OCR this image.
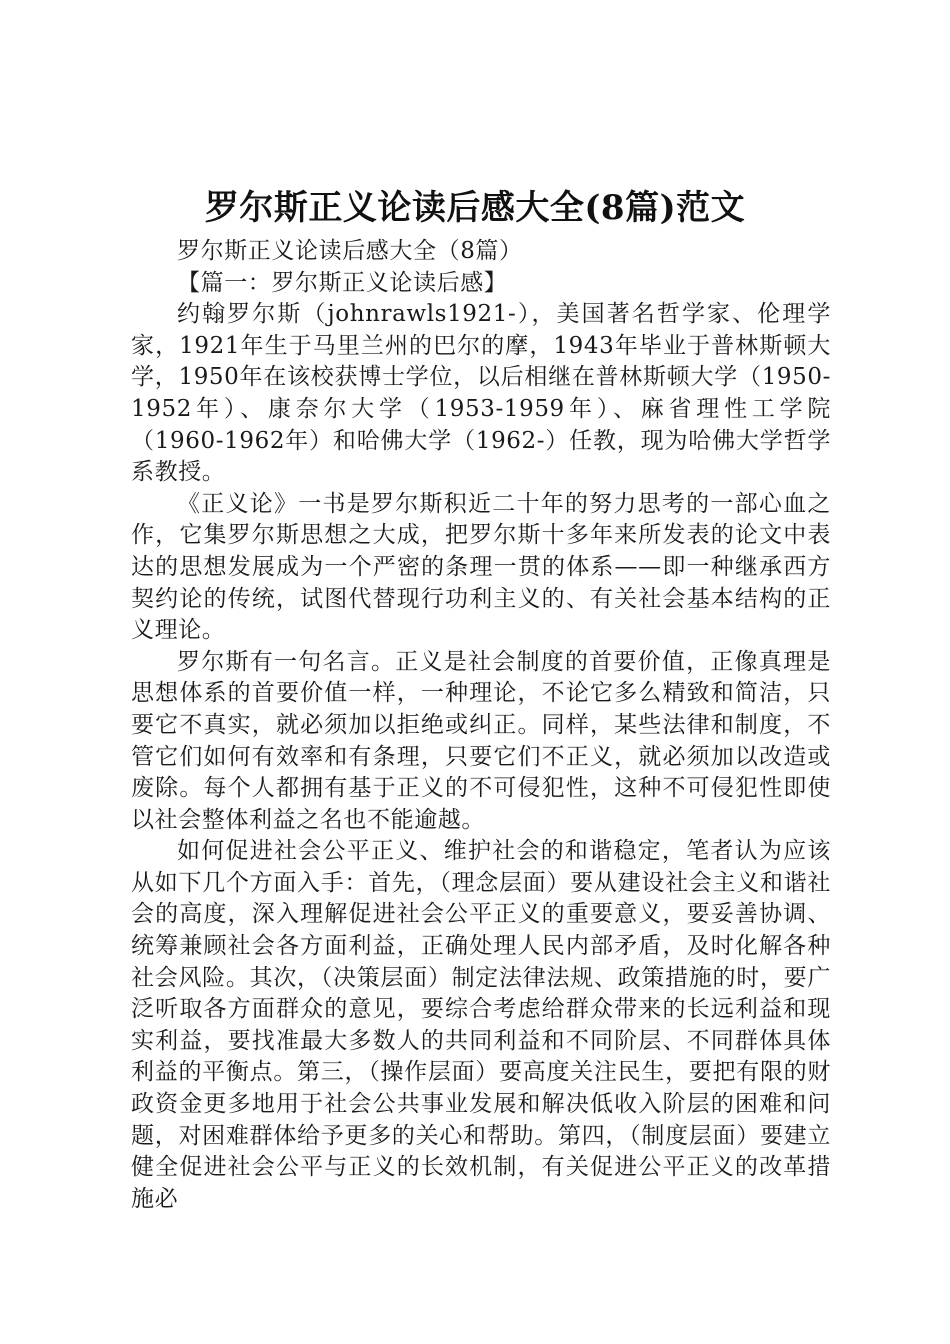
罗尔斯正义论读后感大全(8篇)范文

罗尔斯正义论读后感大全（8篇）

【篇一：罗尔斯正义论读后感】

约翰罗尔斯（johnrawls1921-），美国著名哲学家、伦理学家，1921年生于马里兰州的巴尔的摩，1943年毕业于普林斯顿大学，1950年在该校获博士学位，以后相继在普林斯顿大学（1950-1952年）、康奈尔大学（1953-1959年）、麻省理性工学院（1960-1962年）和哈佛大学（1962-）任教，现为哈佛大学哲学系教授。

《正义论》一书是罗尔斯积近二十年的努力思考的一部心血之作，它集罗尔斯思想之大成，把罗尔斯十多年来所发表的论文中表达的思想发展成为一个严密的条理一贯的体系——即一种继承西方契约论的传统，试图代替现行功利主义的、有关社会基本结构的正义理论。

罗尔斯有一句名言。正义是社会制度的首要价值，正像真理是思想体系的首要价值一样，一种理论，不论它多么精致和简洁，只要它不真实，就必须加以拒绝或纠正。同样，某些法律和制度，不管它们如何有效率和有条理，只要它们不正义，就必须加以改造或废除。每个人都拥有基于正义的不可侵犯性，这种不可侵犯性即使以社会整体利益之名也不能逾越。

如何促进社会公平正义、维护社会的和谐稳定，笔者认为应该从如下几个方面入手：首先，（理念层面）要从建设社会主义和谐社会的高度，深入理解促进社会公平正义的重要意义，要妥善协调、统筹兼顾社会各方面利益，正确处理人民内部矛盾，及时化解各种社会风险。其次，（决策层面）制定法律法规、政策措施的时，要广泛听取各方面群众的意见，要综合考虑给群众带来的长远利益和现实利益，要找准最大多数人的共同利益和不同阶层、不同群体具体利益的平衡点。第三，（操作层面）要高度关注民生，要把有限的财政资金更多地用于社会公共事业发展和解决低收入阶层的困难和问题，对困难群体给予更多的关心和帮助。第四，（制度层面）要建立健全促进社会公平与正义的长效机制，有关促进公平正义的改革措施必
